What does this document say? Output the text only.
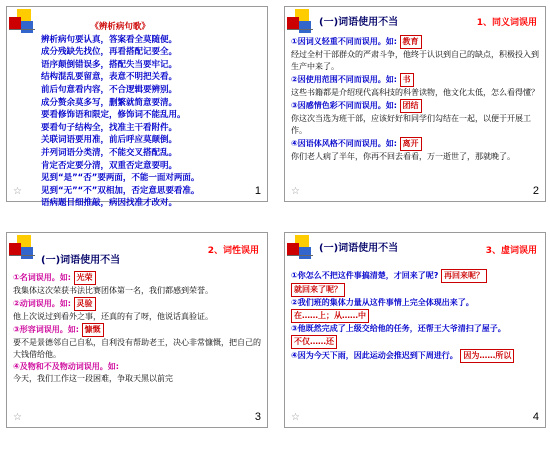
《辨析病句歌》
辨析病句要认真，答案看全莫随便。
成分残缺先找位，再看搭配记要全。
语序颠倒错误多，搭配失当要牢记。
结构混乱要留意，表意不明把关看。
前后句意看内容，不合逻辑要辨别。
成分赘余莫多写，删繁就简意要清。
要看修饰语和限定，修饰词不能乱用。
要看句子结构全，找准主干看附件。
关联词语要用准，前后呼应莫颠倒。
并列词语分类清，不能交叉搭配乱。
肯定否定要分清，双重否定意要明。
见到“是”“否”要两面，不能一面对两面。
见到“无”“不”双相加，否定意思要看准。
语病题目细推敲，病因找准才改对。
☆	1
(一)词语使用不当	1、同义词误用
①因词义轻重不同而误用。如: 教育
经过全村干部群众的严肃斗争，他终于认识到自己的缺点，积极投入到生产中来了。
②因使用范围不同而误用。如: 书
这些书籍都是介绍现代高科技的科普读物，他文化太低，怎么看得懂？
③因感情色彩不同而误用。如: 团结
你这次当选为班干部，应该好好和同学们勾结在一起，以便于开展工作。
④因语体风格不同而误用。如: 离开
你们老人病了半年，你再不回去看看，万一逝世了，那就晚了。
☆	2
(一)词语使用不当
2、词性误用
①名词误用。如: 光荣
我集体这次荣获书法比赛团体第一名，我们都感到荣誉。
②动词误用。如: 灵验
他上次说过到看外之事，还真的有了呀，他说话真验证。
③形容词误用。如: 慷慨
要不是景德邻自己自私，自利没有帮助老王，决心非常慷慨，把自己的大钱借给他。
④及物和不及物动词误用。如:
今天，我们工作这一段困难，争取天黑以前完
☆	3
(一)词语使用不当	3、虚词误用
①你怎么不把这件事搞清楚，才回来了呢? 再回来呢？ 就回来了呢？
②我们班的集体力量从这件事情上完全体现出来了。 在……上；从……中
③他既然完成了上级交给他的任务，还帮王大爷清扫了屋子。 不仅……还
④因为今天下雨，因此运动会推迟到下周进行。 因为……所以
☆	4
